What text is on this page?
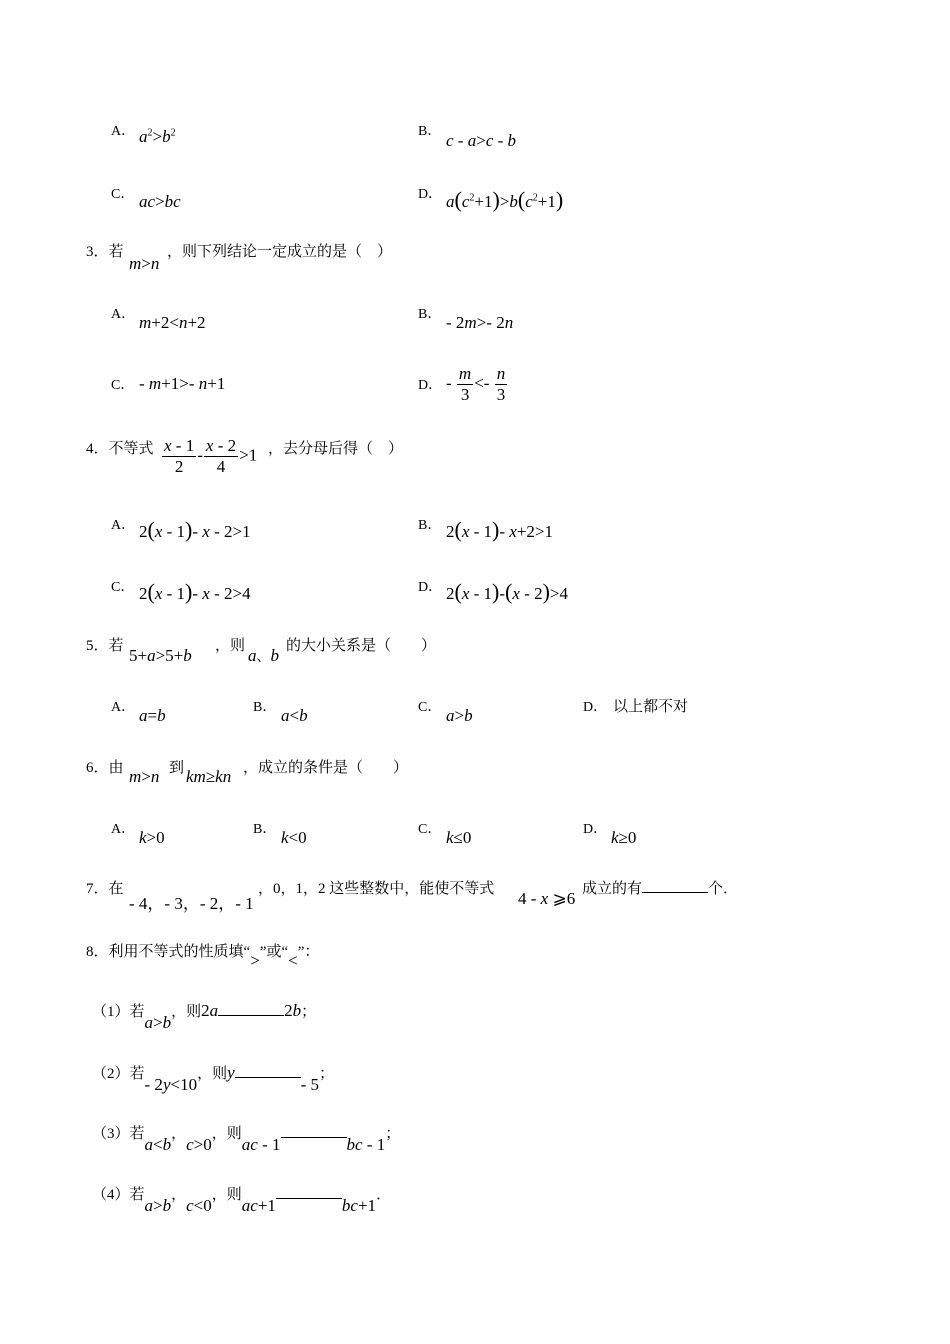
A． $a^2>b^2$	B． c - a>c - b
C． ac>bc	D． $a(c^2+1)>b(c^2+1)$
3．若
m>n
，则下列结论一定成立的是（　）
A． m+2<n+2	B． - 2m>- 2n
C． - m+1>- n+1	D． - $\frac{m}{3} <- \frac{n}{3}$
4．不等式 $\frac{x - 1}{2} - \frac{x - 2}{4} >1$ ，去分母后得（　）
A． 2(x - 1)- x - 2>1	B． 2(x - 1)- x+2>1
C． 2(x - 1)- x - 2>4	D． 2(x - 1)-(x - 2)>4
5．若 5+a>5+b ，则 a、b 的大小关系是（　　）
A． a=b	B． a<b	C． a>b	D． 以上都不对
6．由 m>n 到 km≥kn ，成立的条件是（　　）
A． k>0	B． k<0	C． k≤0	D． k≥0
7．在
- 4，- 3，- 2，- 1
，0，1，2 这些整数中，能使不等式 4 - x ⩾6 成立的有	个．
8．利用不等式的性质填“>”或“<”：
（1）若a>b，则2a	2b；
（2）若- 2y<10，则y- 5；
（3）若a<b，c>0，则ac - 1	bc - 1；
（4）若a>b，c<0，则ac+1	bc+1．
